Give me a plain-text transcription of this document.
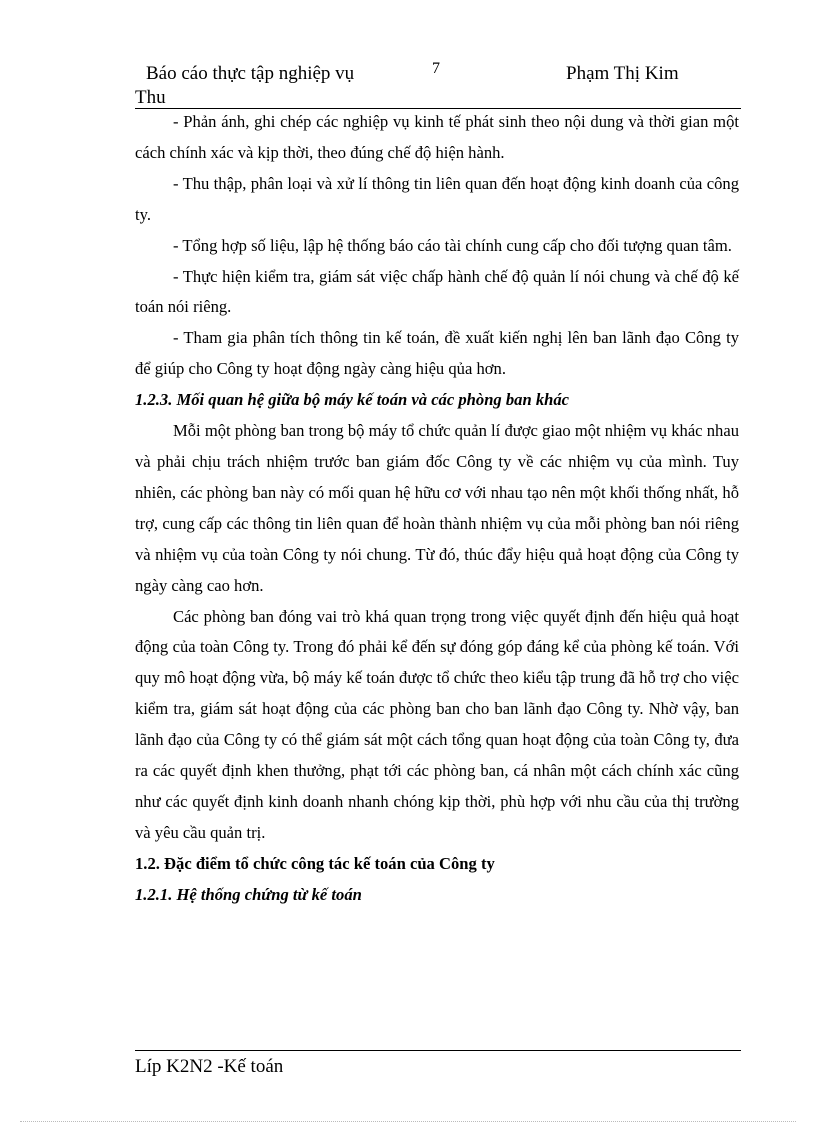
Báo cáo thực tập nghiệp vụ	7	Phạm Thị Kim
Thu

- Phản ánh, ghi chép các nghiệp vụ kinh tế phát sinh theo nội dung và thời gian một cách chính xác và kịp thời, theo đúng chế độ hiện hành.

- Thu thập, phân loại và xử lí thông tin liên quan đến hoạt động kinh doanh của công ty.

- Tổng hợp số liệu, lập hệ thống báo cáo tài chính cung cấp cho đối tượng quan tâm.

- Thực hiện kiểm tra, giám sát việc chấp hành chế độ quản lí nói chung và chế độ kế toán nói riêng.

- Tham gia phân tích thông tin kế toán, đề xuất kiến nghị lên ban lãnh đạo Công ty để giúp cho Công ty hoạt động ngày càng hiệu qủa hơn.

1.2.3. Mối quan hệ giữa bộ máy kế toán và các phòng ban khác

Mỗi một phòng ban trong bộ máy tổ chức quản lí được giao một nhiệm vụ khác nhau và phải chịu trách nhiệm trước ban giám đốc Công ty về các nhiệm vụ của mình. Tuy nhiên, các phòng ban này có mối quan hệ hữu cơ với nhau tạo nên một khối thống nhất, hỗ trợ, cung cấp các thông tin liên quan để hoàn thành nhiệm vụ của mỗi phòng ban nói riêng và nhiệm vụ của toàn Công ty nói chung. Từ đó, thúc đẩy hiệu quả hoạt động của Công ty ngày càng cao hơn.

Các phòng ban đóng vai trò khá quan trọng trong việc quyết định đến hiệu quả hoạt động của toàn Công ty. Trong đó phải kể đến sự đóng góp đáng kể của phòng kế toán. Với quy mô hoạt động vừa, bộ máy kế toán được tổ chức theo kiểu tập trung đã hỗ trợ cho việc kiểm tra, giám sát hoạt động của các phòng ban cho ban lãnh đạo Công ty. Nhờ vậy, ban lãnh đạo của Công ty có thể giám sát một cách tổng quan hoạt động của toàn Công ty, đưa ra các quyết định khen thưởng, phạt tới các phòng ban, cá nhân một cách chính xác cũng như các quyết định kinh doanh nhanh chóng kịp thời, phù hợp với nhu cầu của thị trường và yêu cầu quản trị.

1.2. Đặc điểm tổ chức công tác kế toán của Công ty
1.2.1. Hệ thống chứng từ kế toán
Líp K2N2 -Kế toán
